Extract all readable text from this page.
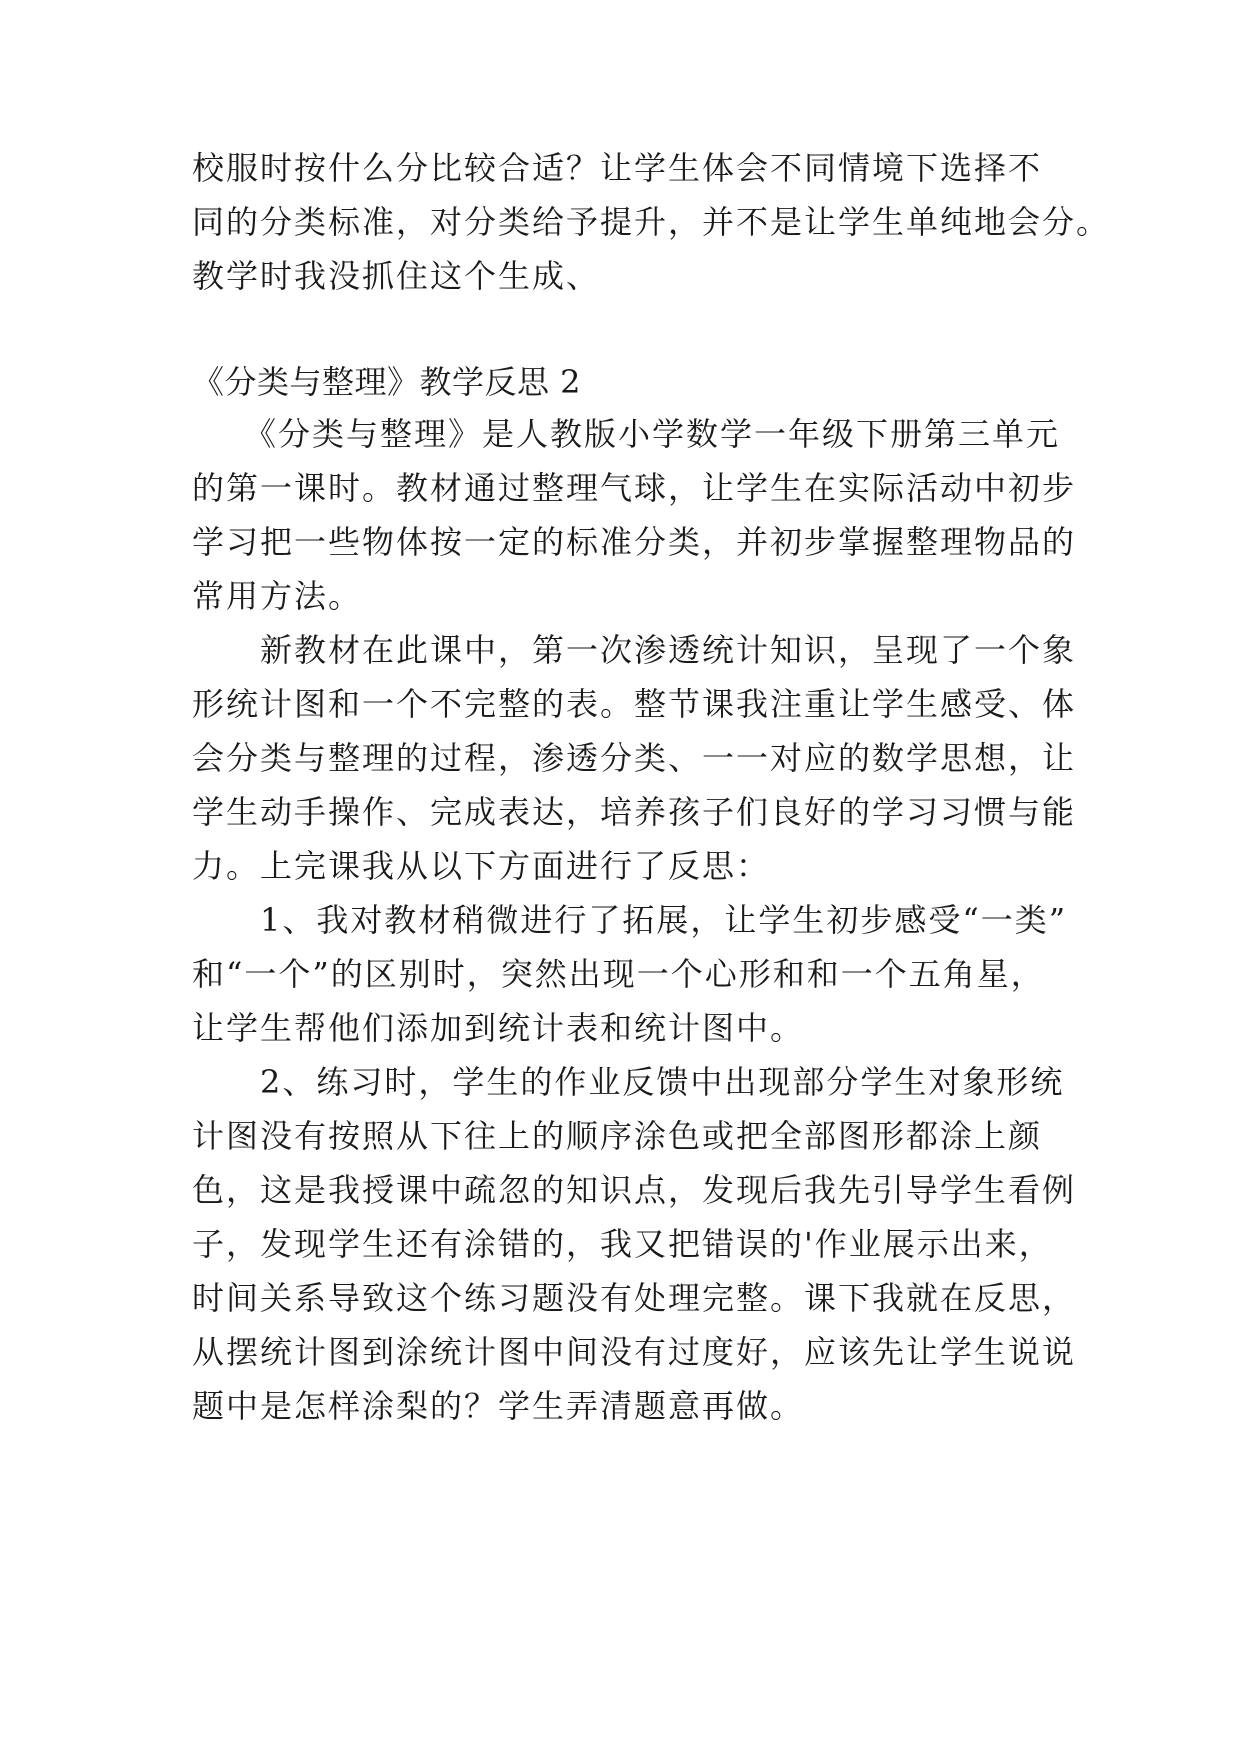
校服时按什么分比较合适？让学生体会不同情境下选择不
同的分类标准，对分类给予提升，并不是让学生单纯地会分。
教学时我没抓住这个生成、
《分类与整理》教学反思 2
　　《分类与整理》是人教版小学数学一年级下册第三单元
的第一课时。教材通过整理气球，让学生在实际活动中初步
学习把一些物体按一定的标准分类，并初步掌握整理物品的
常用方法。
　　新教材在此课中，第一次渗透统计知识，呈现了一个象
形统计图和一个不完整的表。整节课我注重让学生感受、体
会分类与整理的过程，渗透分类、一一对应的数学思想，让
学生动手操作、完成表达，培养孩子们良好的学习习惯与能
力。上完课我从以下方面进行了反思：
　　1、我对教材稍微进行了拓展，让学生初步感受“一类”
和“一个”的区别时，突然出现一个心形和和一个五角星，
让学生帮他们添加到统计表和统计图中。
　　2、练习时，学生的作业反馈中出现部分学生对象形统
计图没有按照从下往上的顺序涂色或把全部图形都涂上颜
色，这是我授课中疏忽的知识点，发现后我先引导学生看例
子，发现学生还有涂错的，我又把错误的'作业展示出来，
时间关系导致这个练习题没有处理完整。课下我就在反思，
从摆统计图到涂统计图中间没有过度好，应该先让学生说说
题中是怎样涂梨的？学生弄清题意再做。
